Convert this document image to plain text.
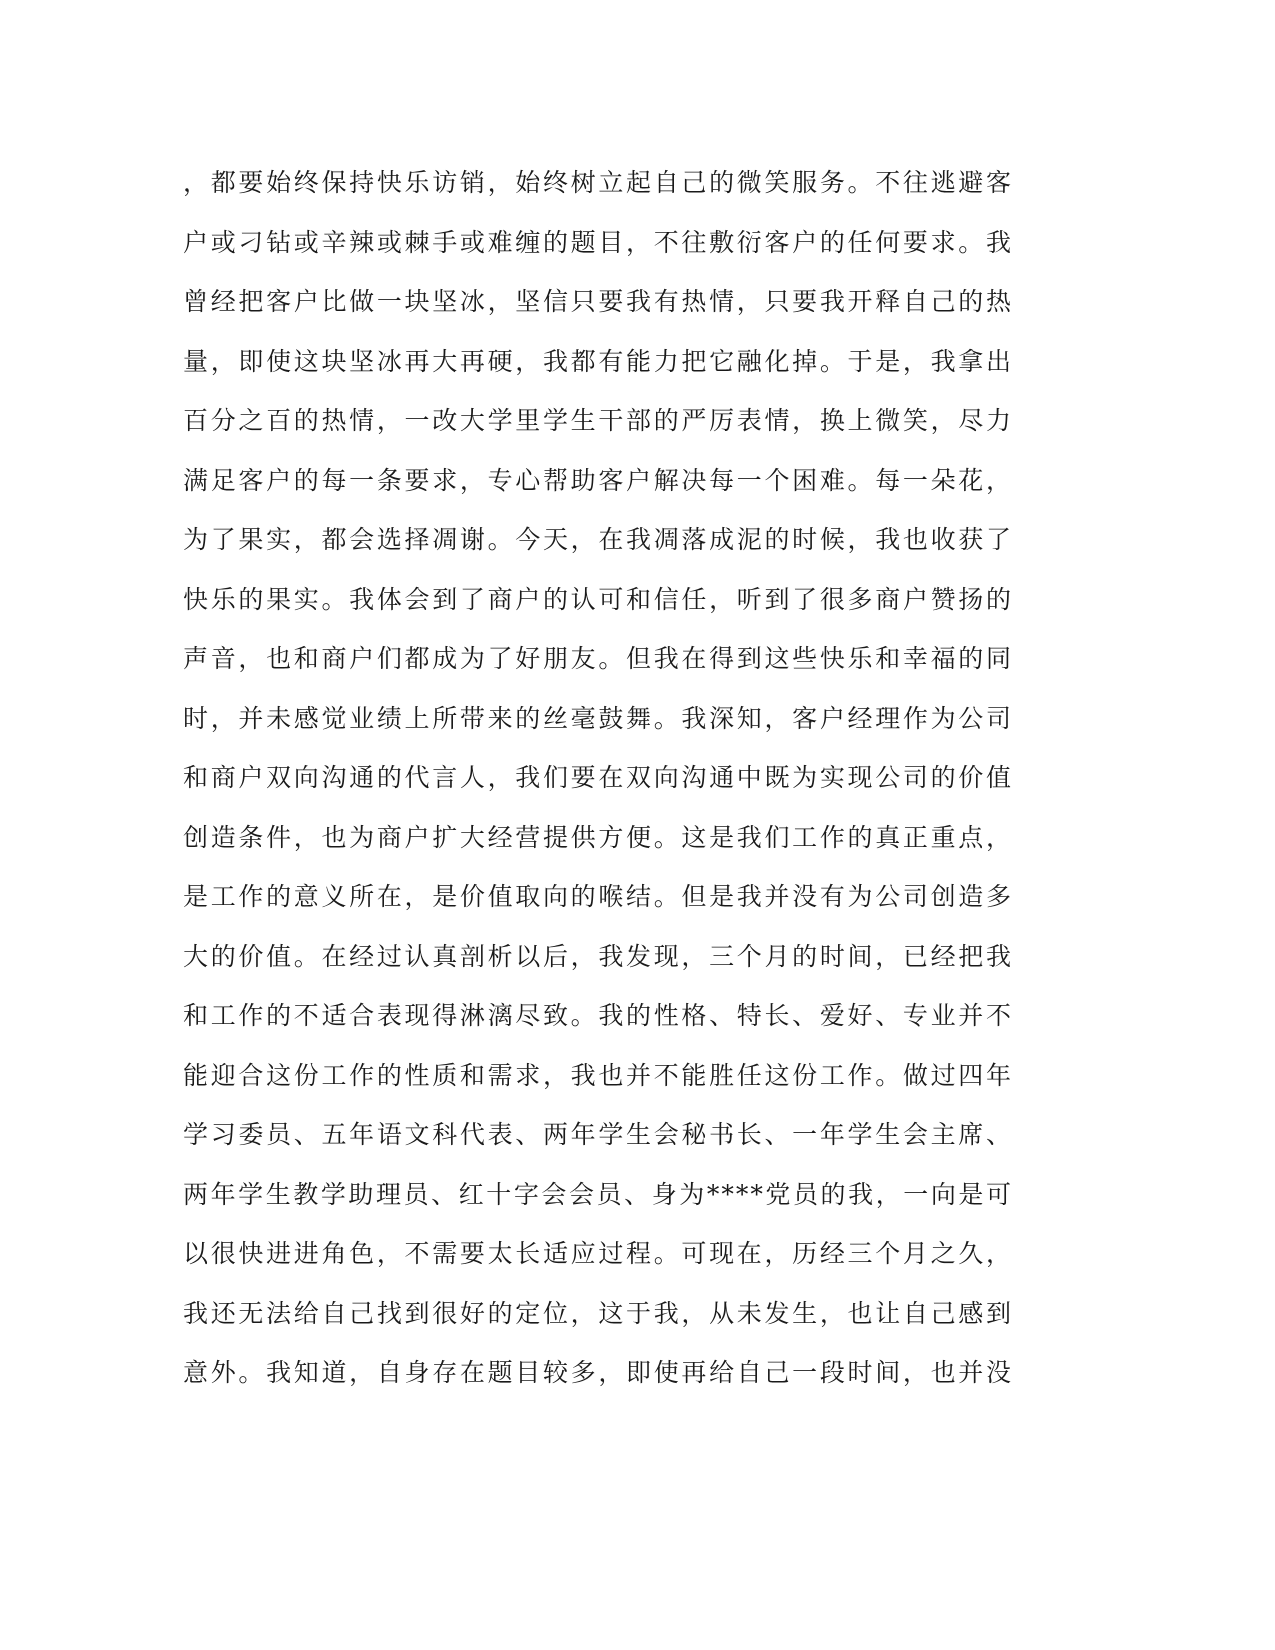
，都要始终保持快乐访销，始终树立起自己的微笑服务。不往逃避客
户或刁钻或辛辣或棘手或难缠的题目，不往敷衍客户的任何要求。我
曾经把客户比做一块坚冰，坚信只要我有热情，只要我开释自己的热
量，即使这块坚冰再大再硬，我都有能力把它融化掉。于是，我拿出
百分之百的热情，一改大学里学生干部的严厉表情，换上微笑，尽力
满足客户的每一条要求，专心帮助客户解决每一个困难。每一朵花，
为了果实，都会选择凋谢。今天，在我凋落成泥的时候，我也收获了
快乐的果实。我体会到了商户的认可和信任，听到了很多商户赞扬的
声音，也和商户们都成为了好朋友。但我在得到这些快乐和幸福的同
时，并未感觉业绩上所带来的丝毫鼓舞。我深知，客户经理作为公司
和商户双向沟通的代言人，我们要在双向沟通中既为实现公司的价值
创造条件，也为商户扩大经营提供方便。这是我们工作的真正重点，
是工作的意义所在，是价值取向的喉结。但是我并没有为公司创造多
大的价值。在经过认真剖析以后，我发现，三个月的时间，已经把我
和工作的不适合表现得淋漓尽致。我的性格、特长、爱好、专业并不
能迎合这份工作的性质和需求，我也并不能胜任这份工作。做过四年
学习委员、五年语文科代表、两年学生会秘书长、一年学生会主席、
两年学生教学助理员、红十字会会员、身为****党员的我，一向是可
以很快进进角色，不需要太长适应过程。可现在，历经三个月之久，
我还无法给自己找到很好的定位，这于我，从未发生，也让自己感到
意外。我知道，自身存在题目较多，即使再给自己一段时间，也并没
